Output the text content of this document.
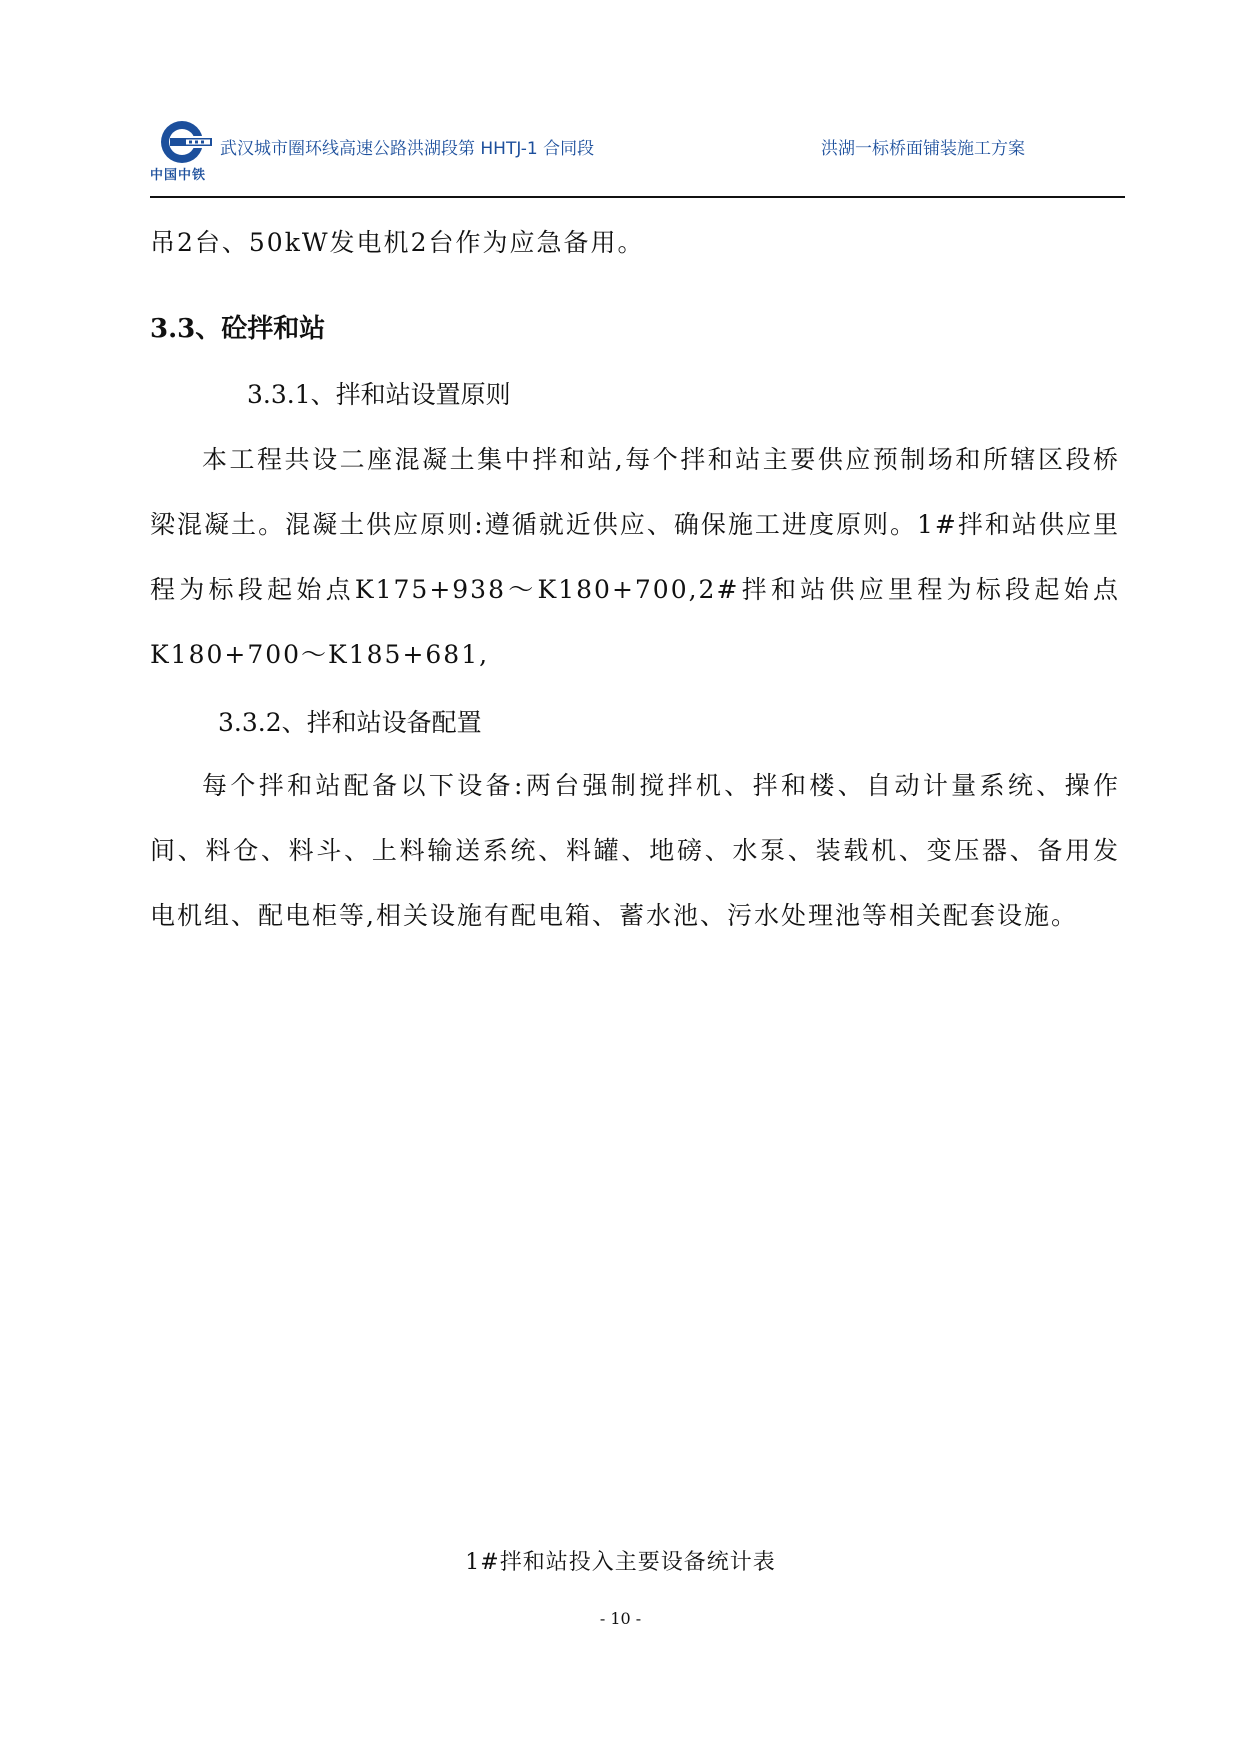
中国中铁
武汉城市圈环线高速公路洪湖段第 HHTJ-1 合同段	洪湖一标桥面铺装施工方案

吊2台、50kW发电机2台作为应急备用。

3.3、砼拌和站

3.3.1、拌和站设置原则

本工程共设二座混凝土集中拌和站,每个拌和站主要供应预制场和所辖区段桥梁混凝土。混凝土供应原则:遵循就近供应、确保施工进度原则。1#拌和站供应里程为标段起始点K175+938～K180+700,2#拌和站供应里程为标段起始点K180+700～K185+681,

3.3.2、拌和站设备配置

每个拌和站配备以下设备:两台强制搅拌机、拌和楼、自动计量系统、操作间、料仓、料斗、上料输送系统、料罐、地磅、水泵、装载机、变压器、备用发电机组、配电柜等,相关设施有配电箱、蓄水池、污水处理池等相关配套设施。

1#拌和站投入主要设备统计表
- 10 -
